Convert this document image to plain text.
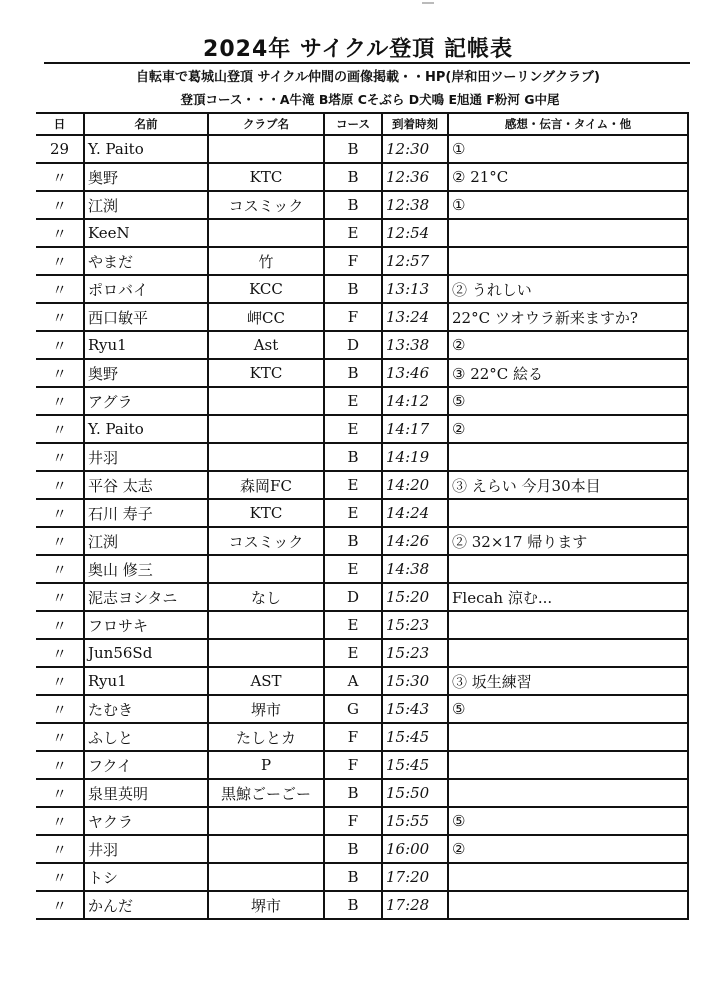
2024年 サイクル登頂 記帳表
自転車で葛城山登頂 サイクル仲間の画像掲載・・HP(岸和田ツーリングクラブ)
登頂コース・・・A牛滝 B塔原 Cそぶら D犬鳴 E旭通 F粉河 G中尾
日	名前	クラブ名	コース	到着時刻	感想・伝言・タイム・他
29	Y. Paito		B	12:30	①
〃	奥野	KTC	B	12:36	② 21°C
〃	江渕	コスミック	B	12:38	①
〃	KeeN		E	12:54	
〃	やまだ	竹	F	12:57	
〃	ポロバイ	KCC	B	13:13	② うれしい
〃	西口敏平	岬CC	F	13:24	22°C ツオウラ新来ますか?
〃	Ryu1	Ast	D	13:38	②
〃	奥野	KTC	B	13:46	③ 22°C 絵る
〃	アグラ		E	14:12	⑤
〃	Y. Paito		E	14:17	②
〃	井羽		B	14:19	
〃	平谷 太志	森岡FC	E	14:20	③ えらい 今月30本目
〃	石川 寿子	KTC	E	14:24	
〃	江渕	コスミック	B	14:26	② 32×17 帰ります
〃	奥山 修三		E	14:38	
〃	泥志ヨシタニ	なし	D	15:20	Flecah 涼む...
〃	フロサキ		E	15:23	
〃	Jun56Sd		E	15:23	
〃	Ryu1	AST	A	15:30	③ 坂生練習
〃	たむき	堺市	G	15:43	⑤
〃	ふしと	たしとカ	F	15:45	
〃	フクイ	P	F	15:45	
〃	泉里英明	黒鯨ごーごー	B	15:50	
〃	ヤクラ		F	15:55	⑤
〃	井羽		B	16:00	②
〃	トシ		B	17:20	
〃	かんだ	堺市	B	17:28	
